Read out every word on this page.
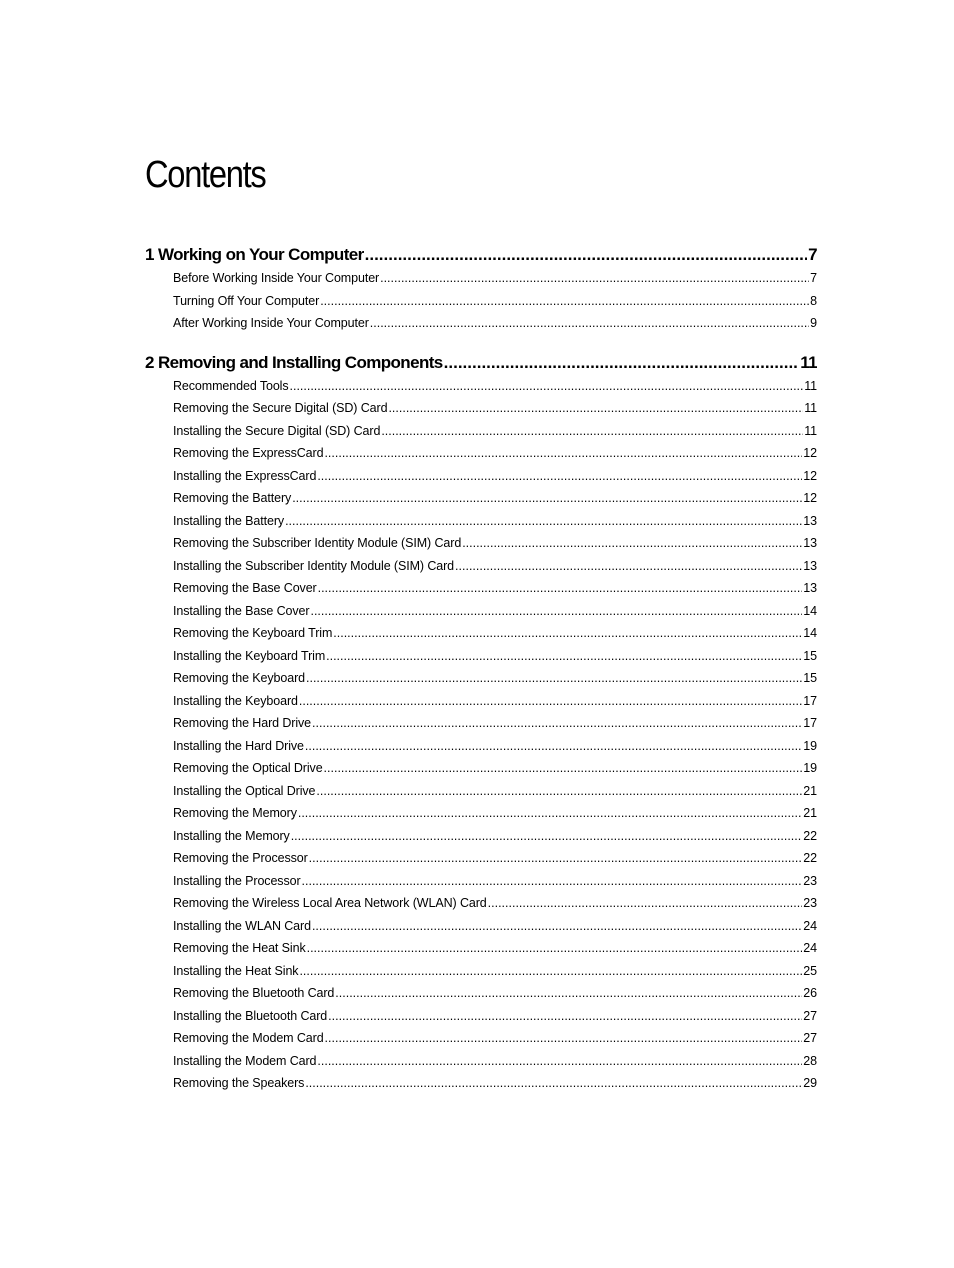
Contents
1 Working on Your Computer .....	7
Before Working Inside Your Computer .....	7
Turning Off Your Computer .....	8
After Working Inside Your Computer .....	9
2 Removing and Installing Components .....	11
Recommended Tools .....	11
Removing the Secure Digital (SD) Card .....	11
Installing the Secure Digital (SD) Card .....	11
Removing the ExpressCard .....	12
Installing the ExpressCard .....	12
Removing the Battery .....	12
Installing the Battery .....	13
Removing the Subscriber Identity Module (SIM) Card .....	13
Installing the Subscriber Identity Module (SIM) Card .....	13
Removing the Base Cover .....	13
Installing the Base Cover .....	14
Removing the Keyboard Trim .....	14
Installing the Keyboard Trim .....	15
Removing the Keyboard .....	15
Installing the Keyboard .....	17
Removing the Hard Drive .....	17
Installing the Hard Drive .....	19
Removing the Optical Drive .....	19
Installing the Optical Drive .....	21
Removing the Memory .....	21
Installing the Memory .....	22
Removing the Processor .....	22
Installing the Processor .....	23
Removing the Wireless Local Area Network (WLAN) Card .....	23
Installing the WLAN Card .....	24
Removing the Heat Sink .....	24
Installing the Heat Sink .....	25
Removing the Bluetooth Card .....	26
Installing the Bluetooth Card .....	27
Removing the Modem Card .....	27
Installing the Modem Card .....	28
Removing the Speakers .....	29
